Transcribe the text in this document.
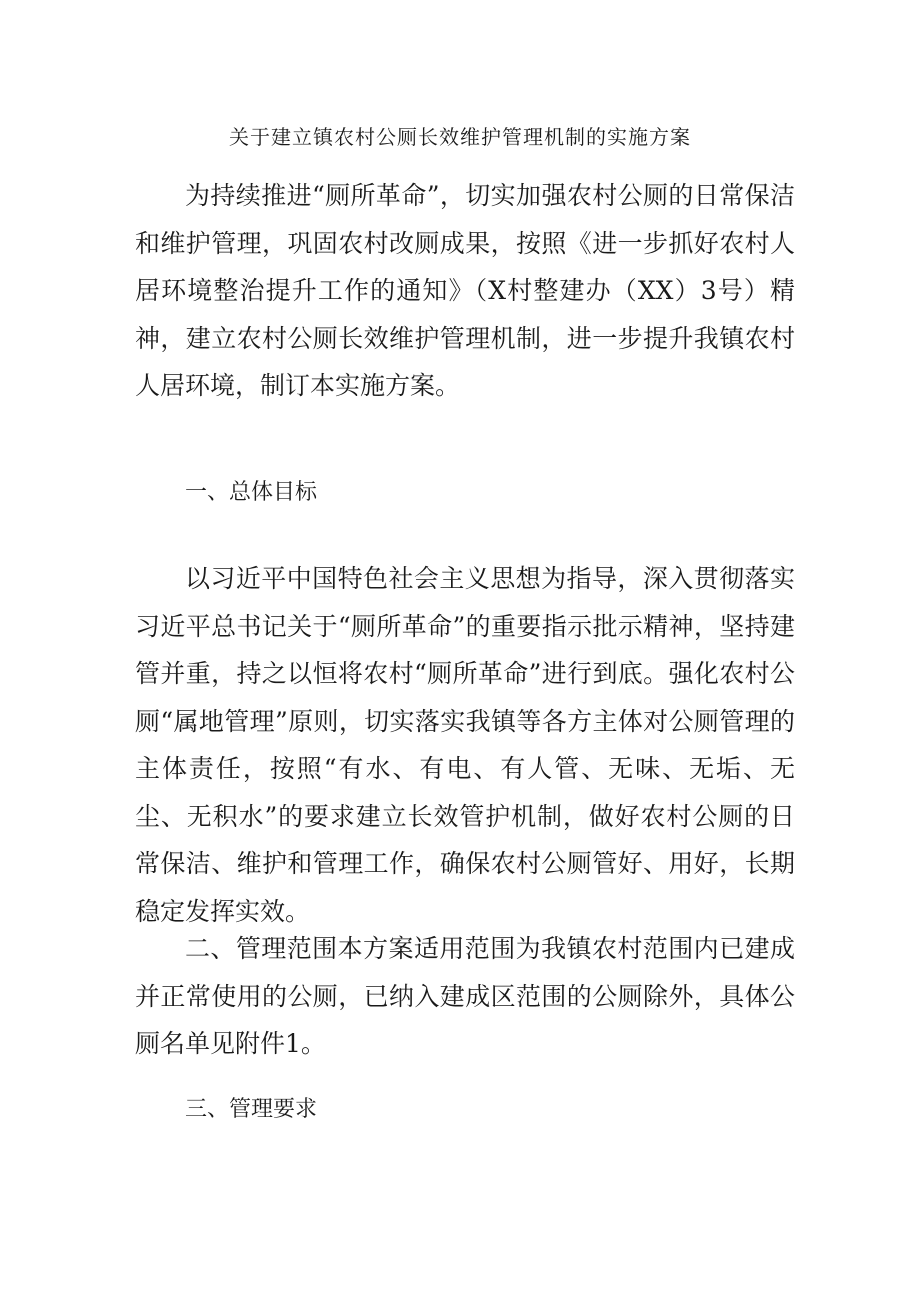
关于建立镇农村公厕长效维护管理机制的实施方案

为持续推进“厕所革命”，切实加强农村公厕的日常保洁和维护管理，巩固农村改厕成果，按照《进一步抓好农村人居环境整治提升工作的通知》（X村整建办（XX）3号）精神，建立农村公厕长效维护管理机制，进一步提升我镇农村人居环境，制订本实施方案。

一、总体目标

以习近平中国特色社会主义思想为指导，深入贯彻落实习近平总书记关于“厕所革命”的重要指示批示精神，坚持建管并重，持之以恒将农村“厕所革命”进行到底。强化农村公厕“属地管理”原则，切实落实我镇等各方主体对公厕管理的主体责任，按照“有水、有电、有人管、无味、无垢、无尘、无积水”的要求建立长效管护机制，做好农村公厕的日常保洁、维护和管理工作，确保农村公厕管好、用好，长期稳定发挥实效。

二、管理范围本方案适用范围为我镇农村范围内已建成并正常使用的公厕，已纳入建成区范围的公厕除外，具体公厕名单见附件1。

三、管理要求
